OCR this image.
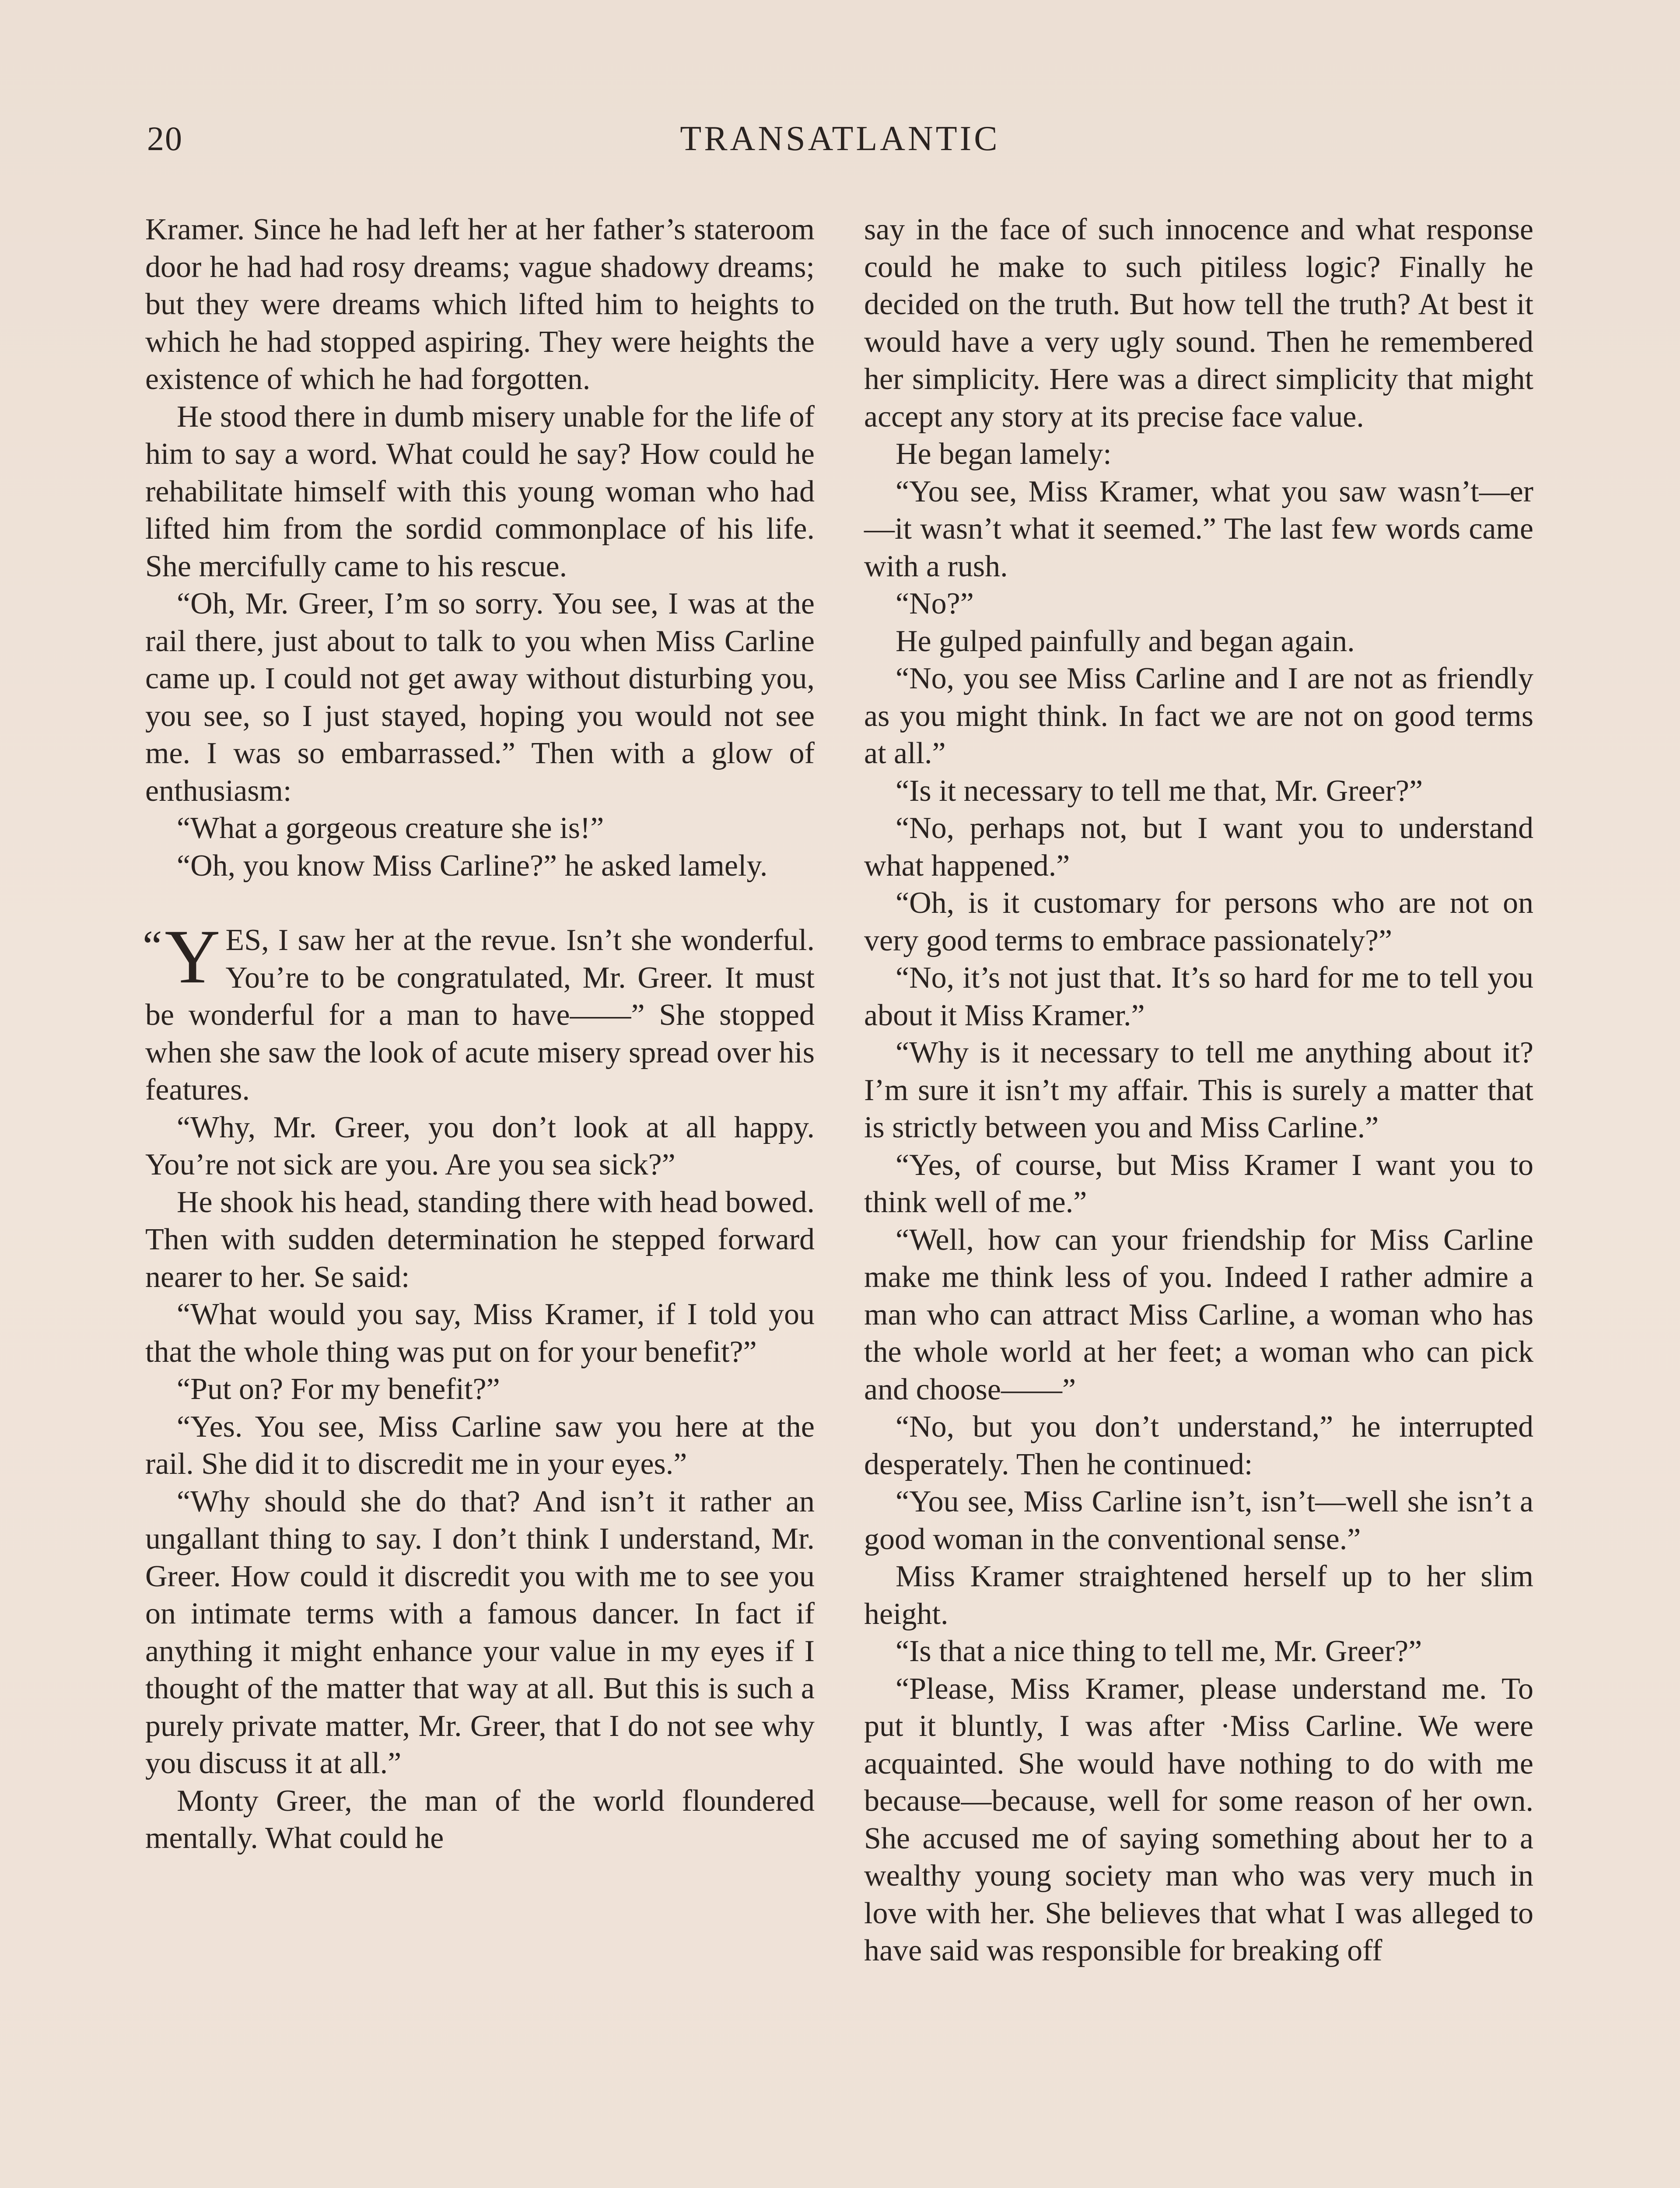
20	TRANSATLANTIC

Kramer. Since he had left her at her father’s stateroom door he had had rosy dreams; vague shadowy dreams; but they were dreams which lifted him to heights to which he had stopped aspiring. They were heights the existence of which he had forgotten.

He stood there in dumb misery unable for the life of him to say a word. What could he say? How could he rehabilitate himself with this young woman who had lifted him from the sordid commonplace of his life. She mercifully came to his rescue.

“Oh, Mr. Greer, I’m so sorry. You see, I was at the rail there, just about to talk to you when Miss Carline came up. I could not get away without disturbing you, you see, so I just stayed, hoping you would not see me. I was so embarrassed.” Then with a glow of enthusiasm:

“What a gorgeous creature she is!”

“Oh, you know Miss Carline?” he asked lamely.

“Y ES, I saw her at the revue. Isn’t she wonderful. You’re to be congratulated, Mr. Greer. It must be wonderful for a man to have——” She stopped when she saw the look of acute misery spread over his features.

“Why, Mr. Greer, you don’t look at all happy. You’re not sick are you. Are you sea sick?”

He shook his head, standing there with head bowed. Then with sudden determination he stepped forward nearer to her. Se said:

“What would you say, Miss Kramer, if I told you that the whole thing was put on for your benefit?”

“Put on? For my benefit?”

“Yes. You see, Miss Carline saw you here at the rail. She did it to discredit me in your eyes.”

“Why should she do that? And isn’t it rather an ungallant thing to say. I don’t think I understand, Mr. Greer. How could it discredit you with me to see you on intimate terms with a famous dancer. In fact if anything it might enhance your value in my eyes if I thought of the matter that way at all. But this is such a purely private matter, Mr. Greer, that I do not see why you discuss it at all.”

Monty Greer, the man of the world floundered mentally. What could he

say in the face of such innocence and what response could he make to such pitiless logic? Finally he decided on the truth. But how tell the truth? At best it would have a very ugly sound. Then he remembered her simplicity. Here was a direct simplicity that might accept any story at its precise face value.

He began lamely:

“You see, Miss Kramer, what you saw wasn’t—er—it wasn’t what it seemed.” The last few words came with a rush.

“No?”

He gulped painfully and began again.

“No, you see Miss Carline and I are not as friendly as you might think. In fact we are not on good terms at all.”

“Is it necessary to tell me that, Mr. Greer?”

“No, perhaps not, but I want you to understand what happened.”

“Oh, is it customary for persons who are not on very good terms to embrace passionately?”

“No, it’s not just that. It’s so hard for me to tell you about it Miss Kramer.”

“Why is it necessary to tell me anything about it? I’m sure it isn’t my affair. This is surely a matter that is strictly between you and Miss Carline.”

“Yes, of course, but Miss Kramer I want you to think well of me.”

“Well, how can your friendship for Miss Carline make me think less of you. Indeed I rather admire a man who can attract Miss Carline, a woman who has the whole world at her feet; a woman who can pick and choose——”

“No, but you don’t understand,” he interrupted desperately. Then he continued:

“You see, Miss Carline isn’t, isn’t—well she isn’t a good woman in the conventional sense.”

Miss Kramer straightened herself up to her slim height.

“Is that a nice thing to tell me, Mr. Greer?”

“Please, Miss Kramer, please understand me. To put it bluntly, I was after ·Miss Carline. We were acquainted. She would have nothing to do with me because—because, well for some reason of her own. She accused me of saying something about her to a wealthy young society man who was very much in love with her. She believes that what I was alleged to have said was responsible for breaking off
